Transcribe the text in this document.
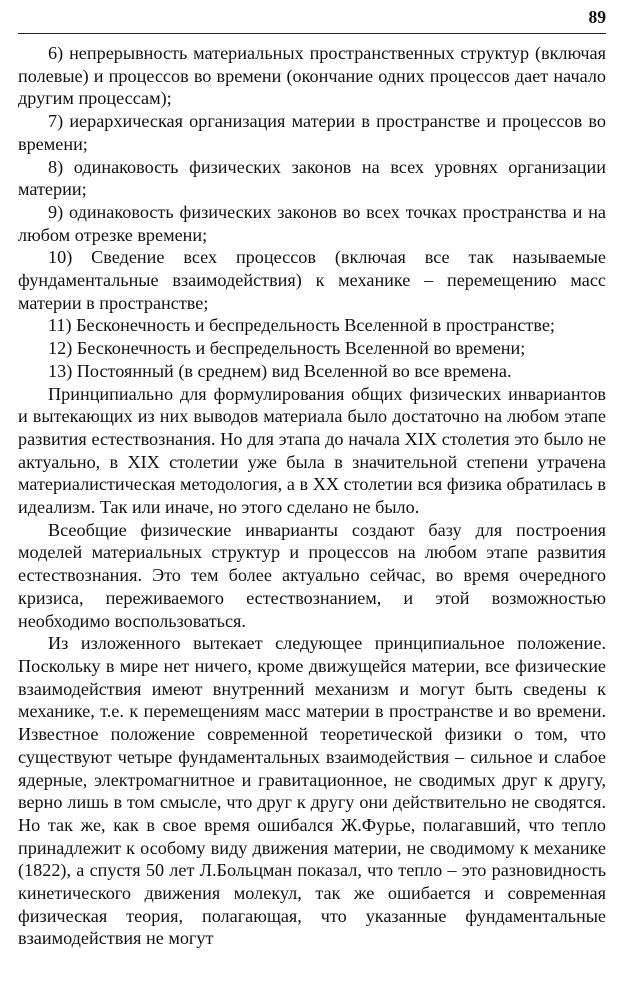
89

6) непрерывность материальных пространственных структур (включая полевые) и процессов во времени (окончание одних процессов дает начало другим процессам);

7) иерархическая организация материи в пространстве и процессов во времени;

8) одинаковость физических законов на всех уровнях организации материи;

9) одинаковость физических законов во всех точках пространства и на любом отрезке времени;

10) Сведение всех процессов (включая все так называемые фундаментальные взаимодействия) к механике – перемещению масс материи в пространстве;

11) Бесконечность и беспредельность Вселенной в пространстве;

12) Бесконечность и беспредельность Вселенной во времени;

13) Постоянный (в среднем) вид Вселенной во все времена.

Принципиально для формулирования общих физических инвариантов и вытекающих из них выводов материала было достаточно на любом этапе развития естествознания. Но для этапа до начала XIX столетия это было не актуально, в XIX столетии уже была в значительной степени утрачена материалистическая методология, а в XX столетии вся физика обратилась в идеализм. Так или иначе, но этого сделано не было.

Всеобщие физические инварианты создают базу для построения моделей материальных структур и процессов на любом этапе развития естествознания. Это тем более актуально сейчас, во время очередного кризиса, переживаемого естествознанием, и этой возможностью необходимо воспользоваться.

Из изложенного вытекает следующее принципиальное положение. Поскольку в мире нет ничего, кроме движущейся материи, все физические взаимодействия имеют внутренний механизм и могут быть сведены к механике, т.е. к перемещениям масс материи в пространстве и во времени. Известное положение современной теоретической физики о том, что существуют четыре фундаментальных взаимодействия – сильное и слабое ядерные, электромагнитное и гравитационное, не сводимых друг к другу, верно лишь в том смысле, что друг к другу они действительно не сводятся. Но так же, как в свое время ошибался Ж.Фурье, полагавший, что тепло принадлежит к особому виду движения материи, не сводимому к механике (1822), а спустя 50 лет Л.Больцман показал, что тепло – это разновидность кинетического движения молекул, так же ошибается и современная физическая теория, полагающая, что указанные фундаментальные взаимодействия не могут
